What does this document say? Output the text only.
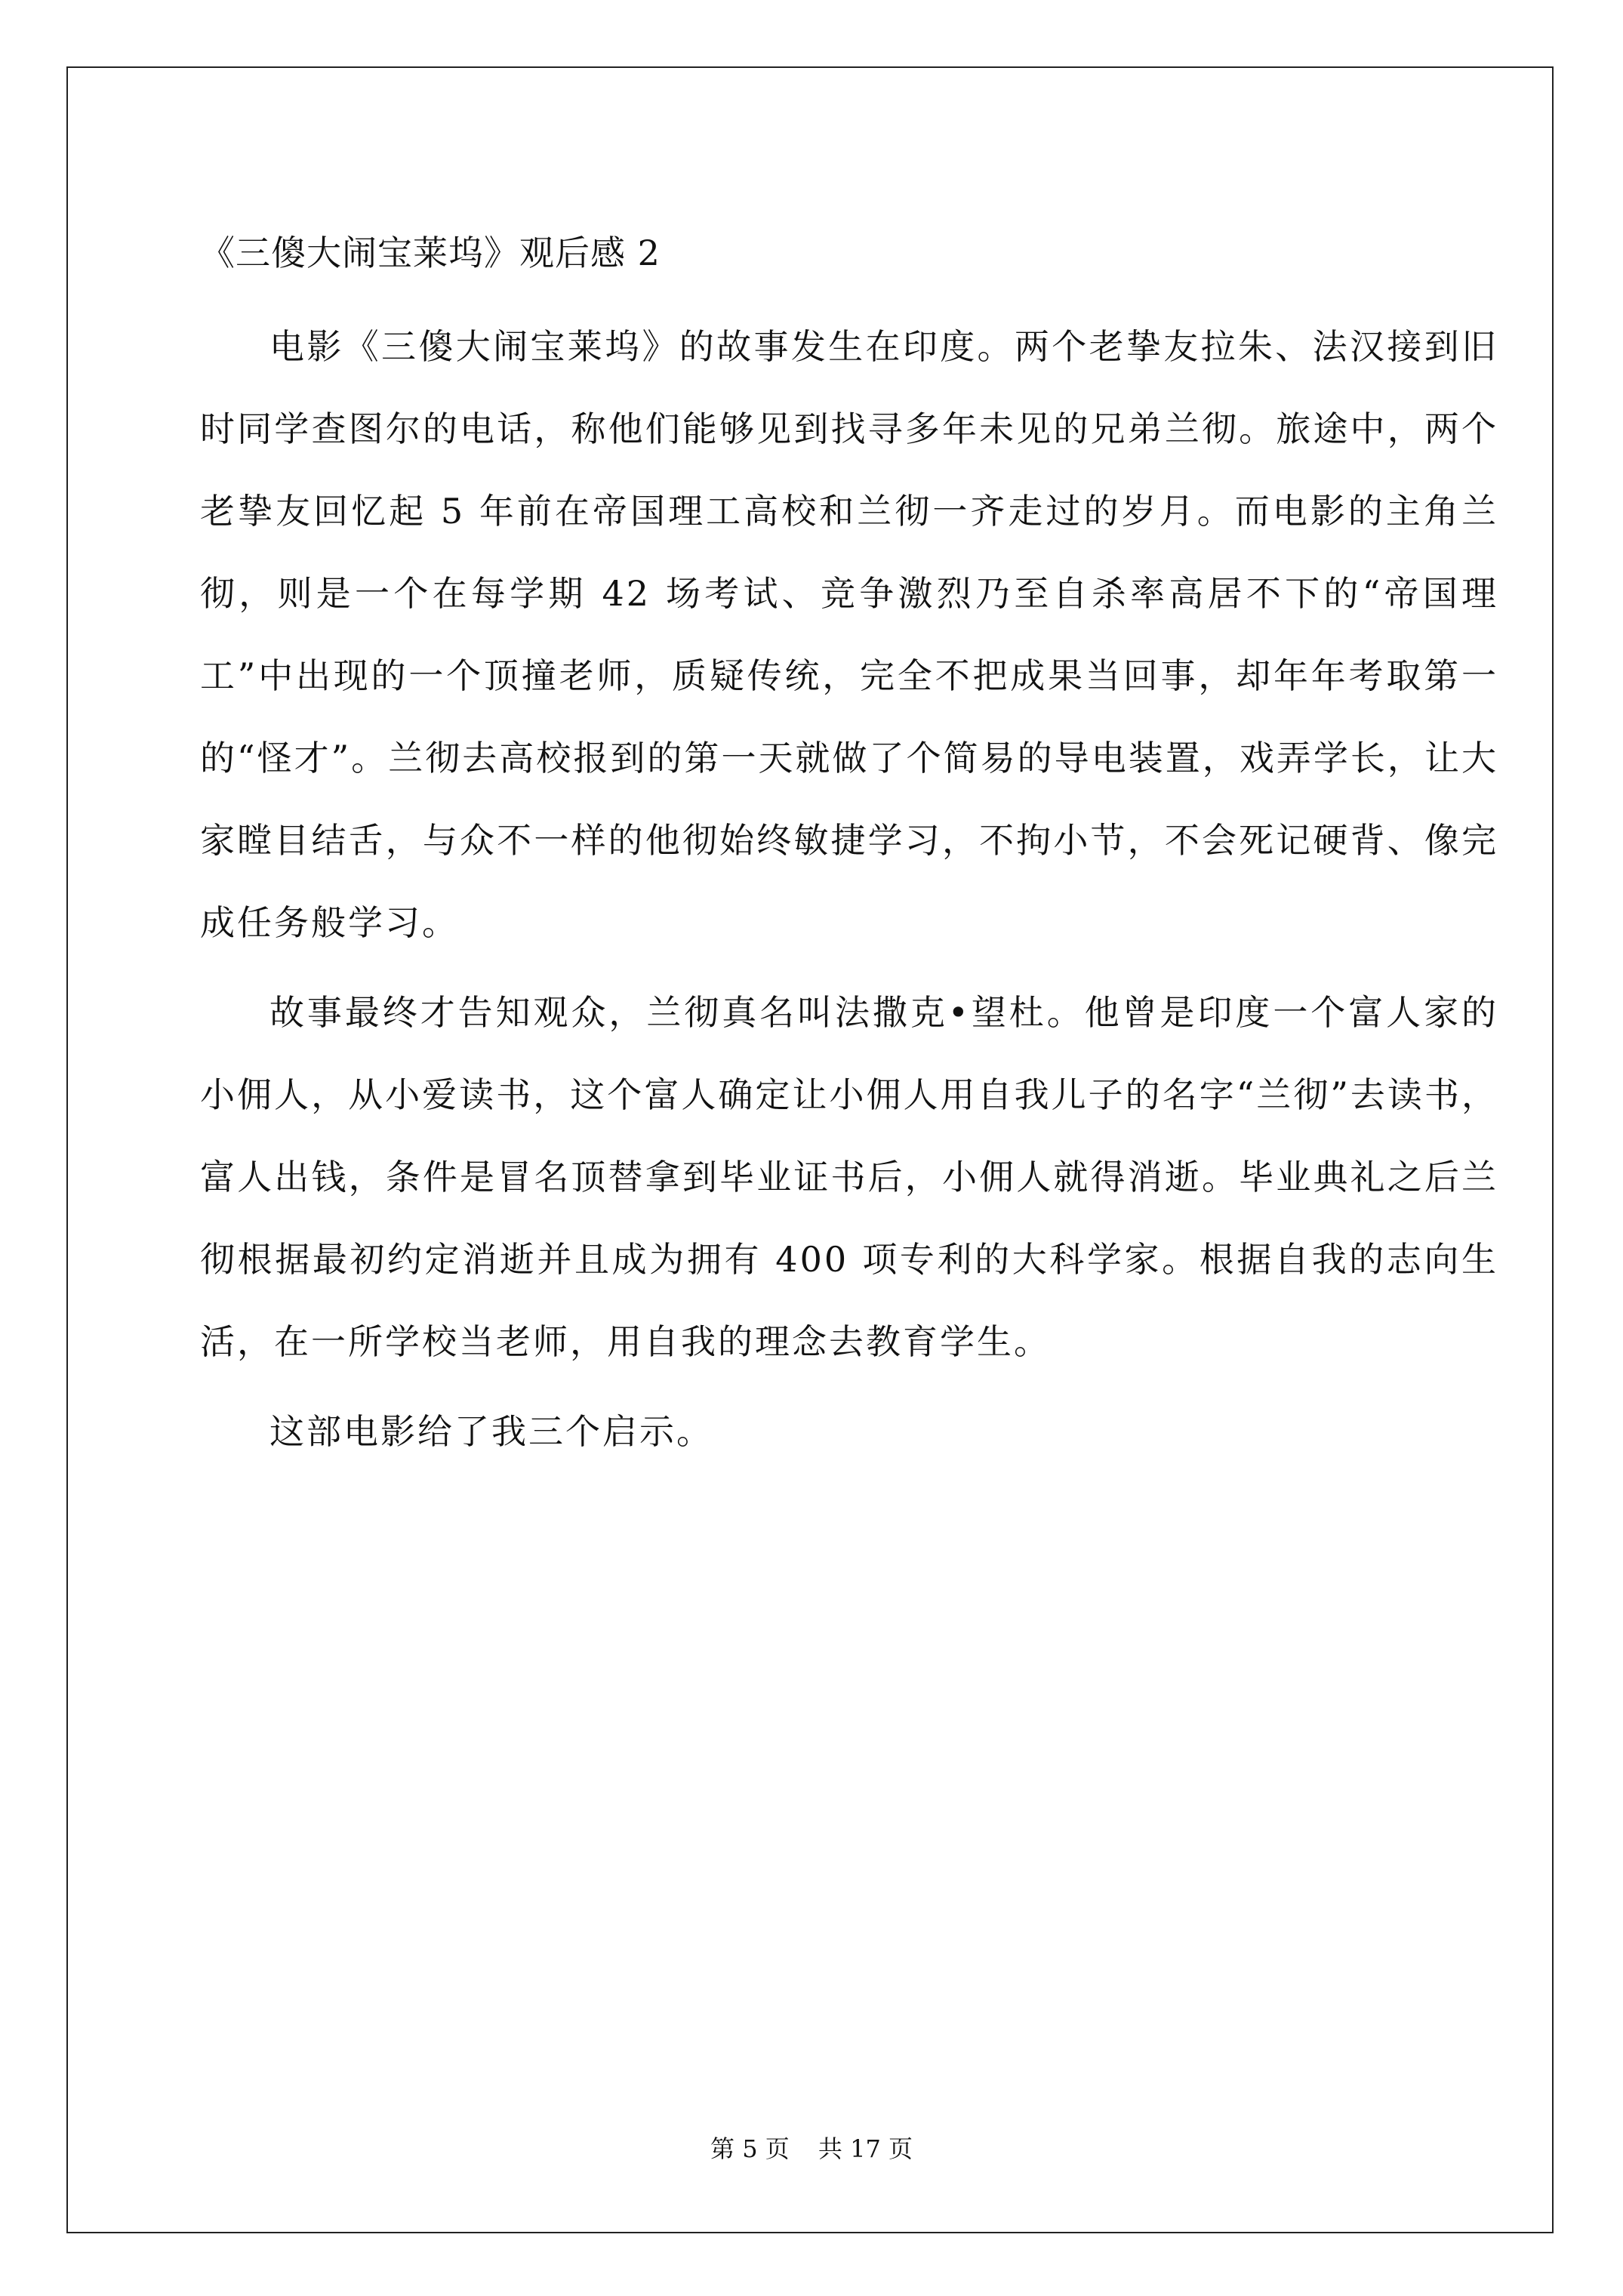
《三傻大闹宝莱坞》观后感 2

电影《三傻大闹宝莱坞》的故事发生在印度。两个老挚友拉朱、法汉接到旧时同学查图尔的电话，称他们能够见到找寻多年未见的兄弟兰彻。旅途中，两个老挚友回忆起 5 年前在帝国理工高校和兰彻一齐走过的岁月。而电影的主角兰彻，则是一个在每学期 42 场考试、竞争激烈乃至自杀率高居不下的“帝国理工”中出现的一个顶撞老师，质疑传统，完全不把成果当回事，却年年考取第一的“怪才”。兰彻去高校报到的第一天就做了个简易的导电装置，戏弄学长，让大家瞠目结舌，与众不一样的他彻始终敏捷学习，不拘小节，不会死记硬背、像完成任务般学习。

故事最终才告知观众，兰彻真名叫法撒克•望杜。他曾是印度一个富人家的小佣人，从小爱读书，这个富人确定让小佣人用自我儿子的名字“兰彻”去读书，富人出钱，条件是冒名顶替拿到毕业证书后，小佣人就得消逝。毕业典礼之后兰彻根据最初约定消逝并且成为拥有 400 项专利的大科学家。根据自我的志向生活，在一所学校当老师，用自我的理念去教育学生。

这部电影给了我三个启示。

第 5 页 共 17 页
